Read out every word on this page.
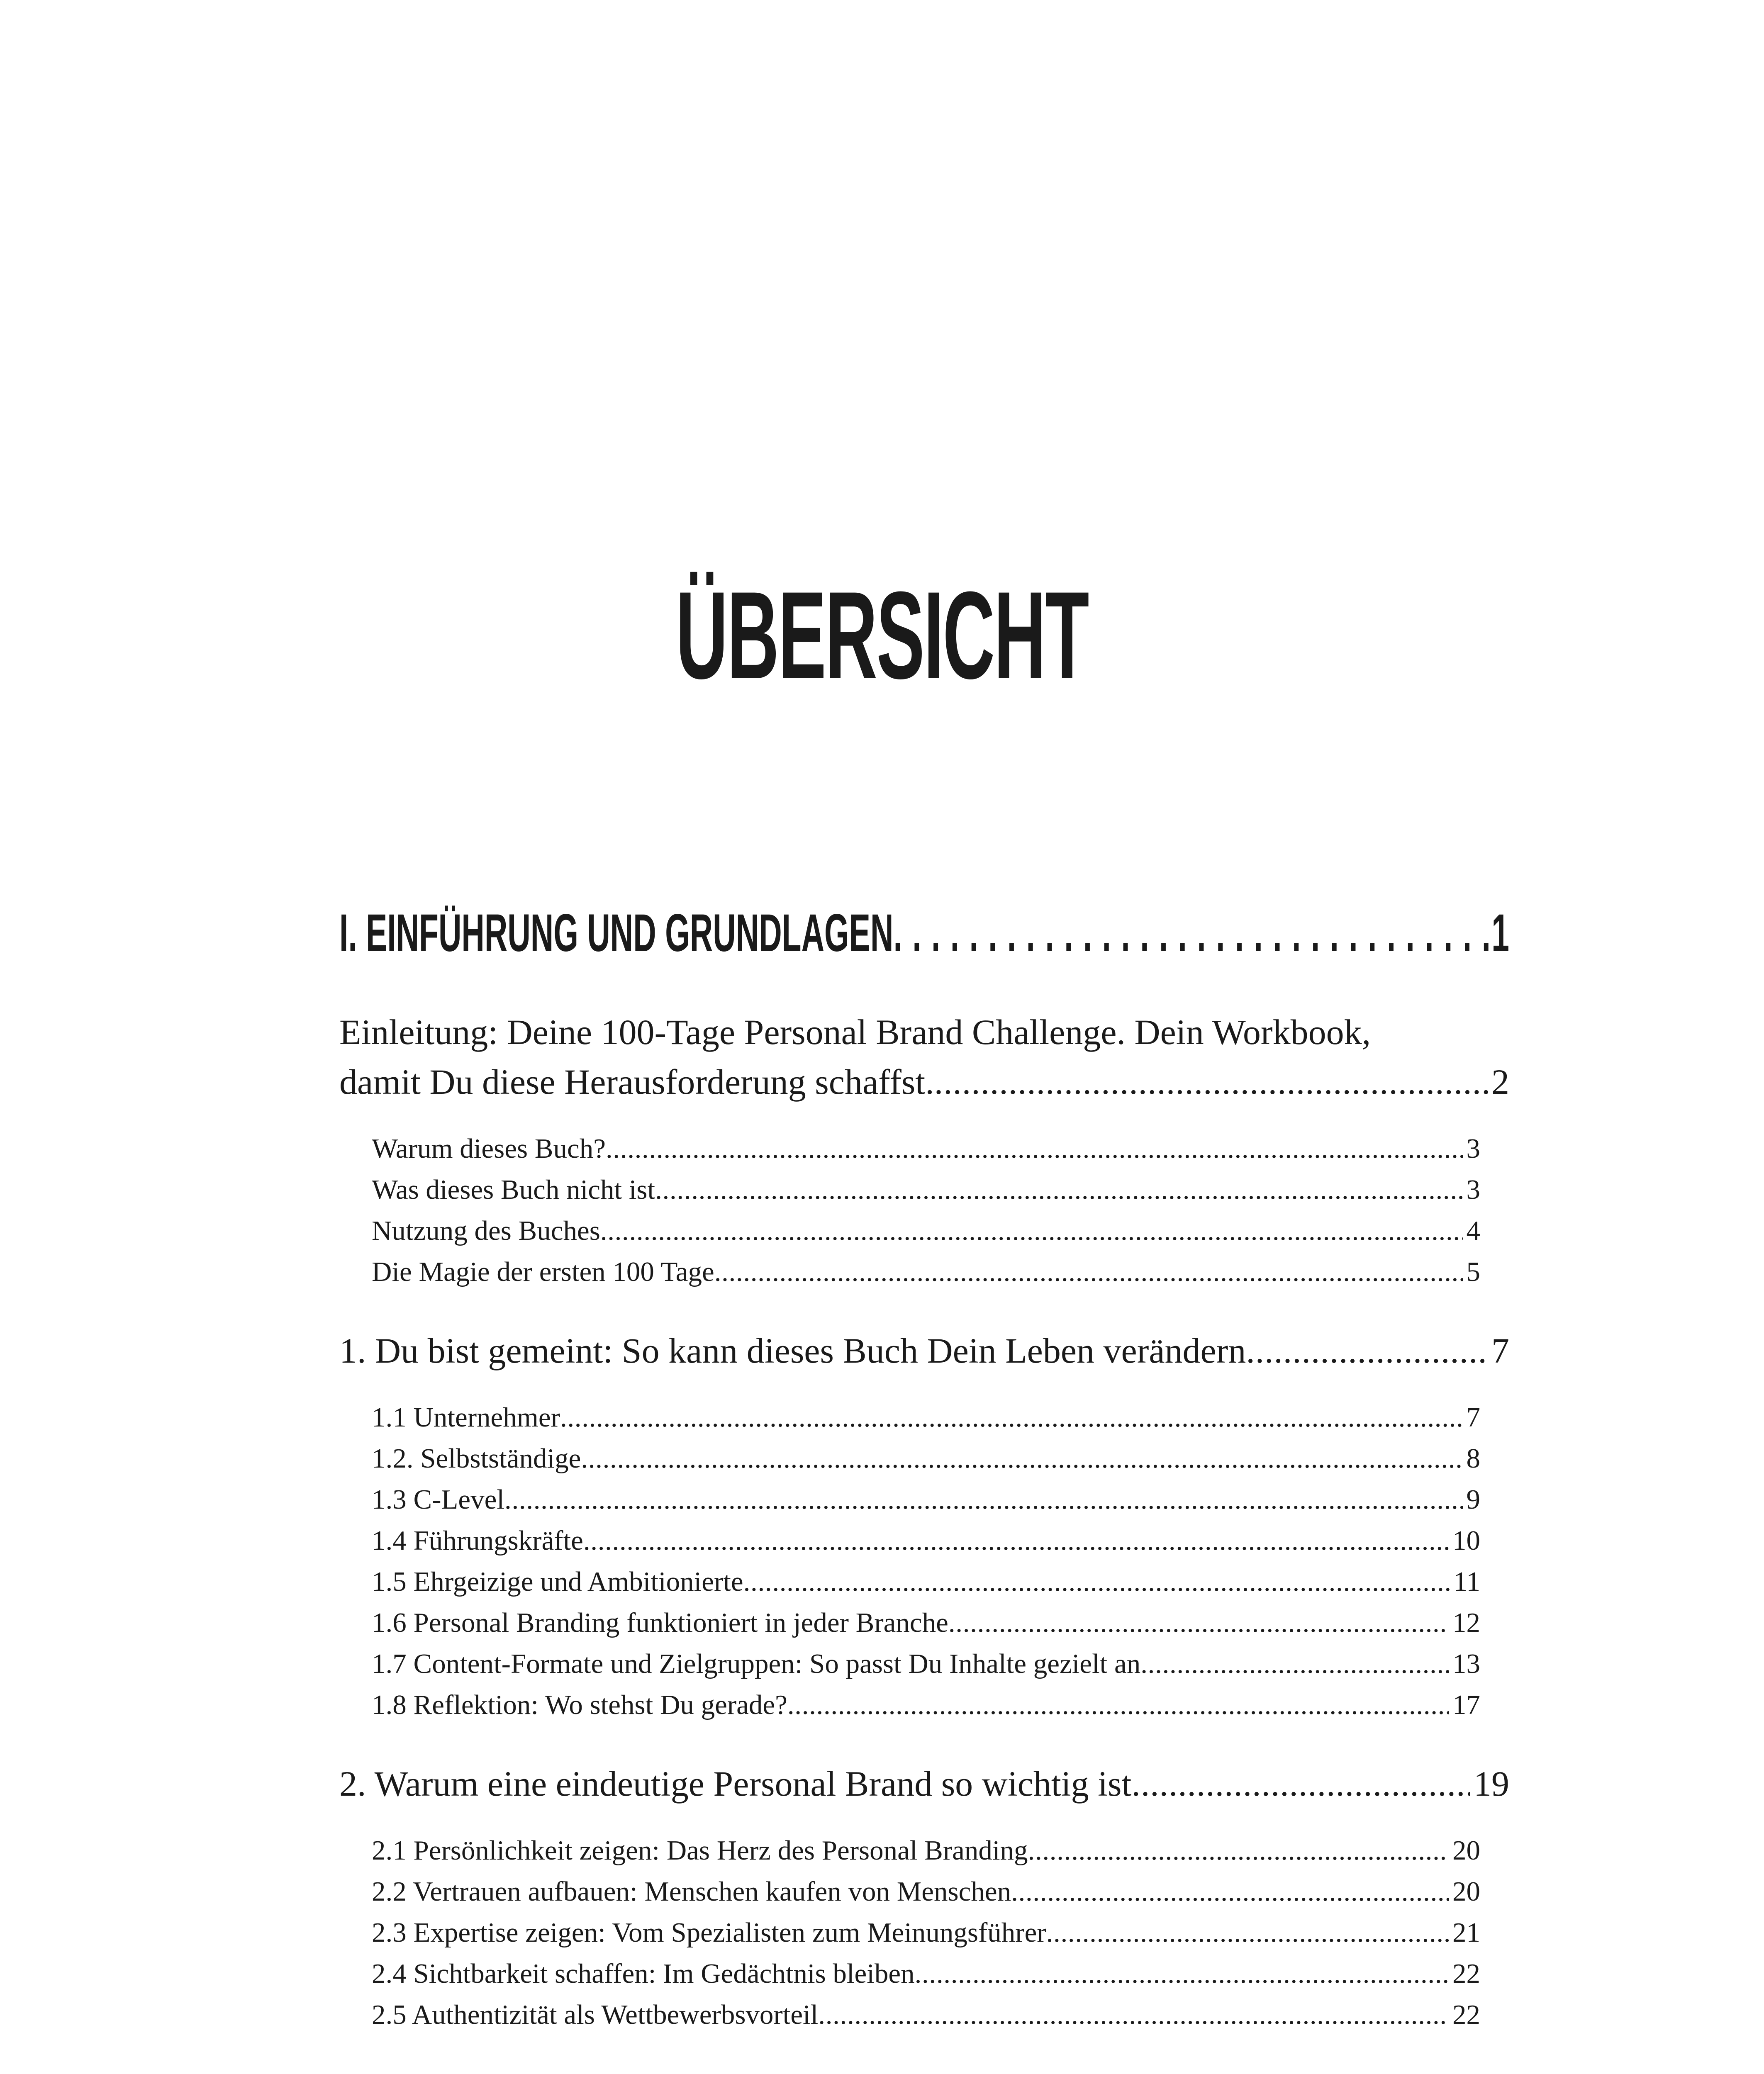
ÜBERSICHT
I. EINFÜHRUNG UND GRUNDLAGEN . . .	1
Einleitung: Deine 100-Tage Personal Brand Challenge. Dein Workbook,
damit Du diese Herausforderung schaffst. . . .	2
Warum dieses Buch? . . .	3
Was dieses Buch nicht ist . . .	3
Nutzung des Buches . . .	4
Die Magie der ersten 100 Tage . . .	5
1. Du bist gemeint: So kann dieses Buch Dein Leben verändern . . .	7
1.1 Unternehmer . . .	7
1.2. Selbstständige . . .	8
1.3 C-Level . . .	9
1.4 Führungskräfte . . .	10
1.5 Ehrgeizige und Ambitionierte . . .	11
1.6 Personal Branding funktioniert in jeder Branche . . .	12
1.7 Content-Formate und Zielgruppen: So passt Du Inhalte gezielt an . . .	13
1.8 Reflektion: Wo stehst Du gerade? . . .	17
2. Warum eine eindeutige Personal Brand so wichtig ist . . .	19
2.1 Persönlichkeit zeigen: Das Herz des Personal Branding . . .	20
2.2 Vertrauen aufbauen: Menschen kaufen von Menschen . . .	20
2.3 Expertise zeigen: Vom Spezialisten zum Meinungsführer . . .	21
2.4 Sichtbarkeit schaffen: Im Gedächtnis bleiben . . .	22
2.5 Authentizität als Wettbewerbsvorteil . . .	22
